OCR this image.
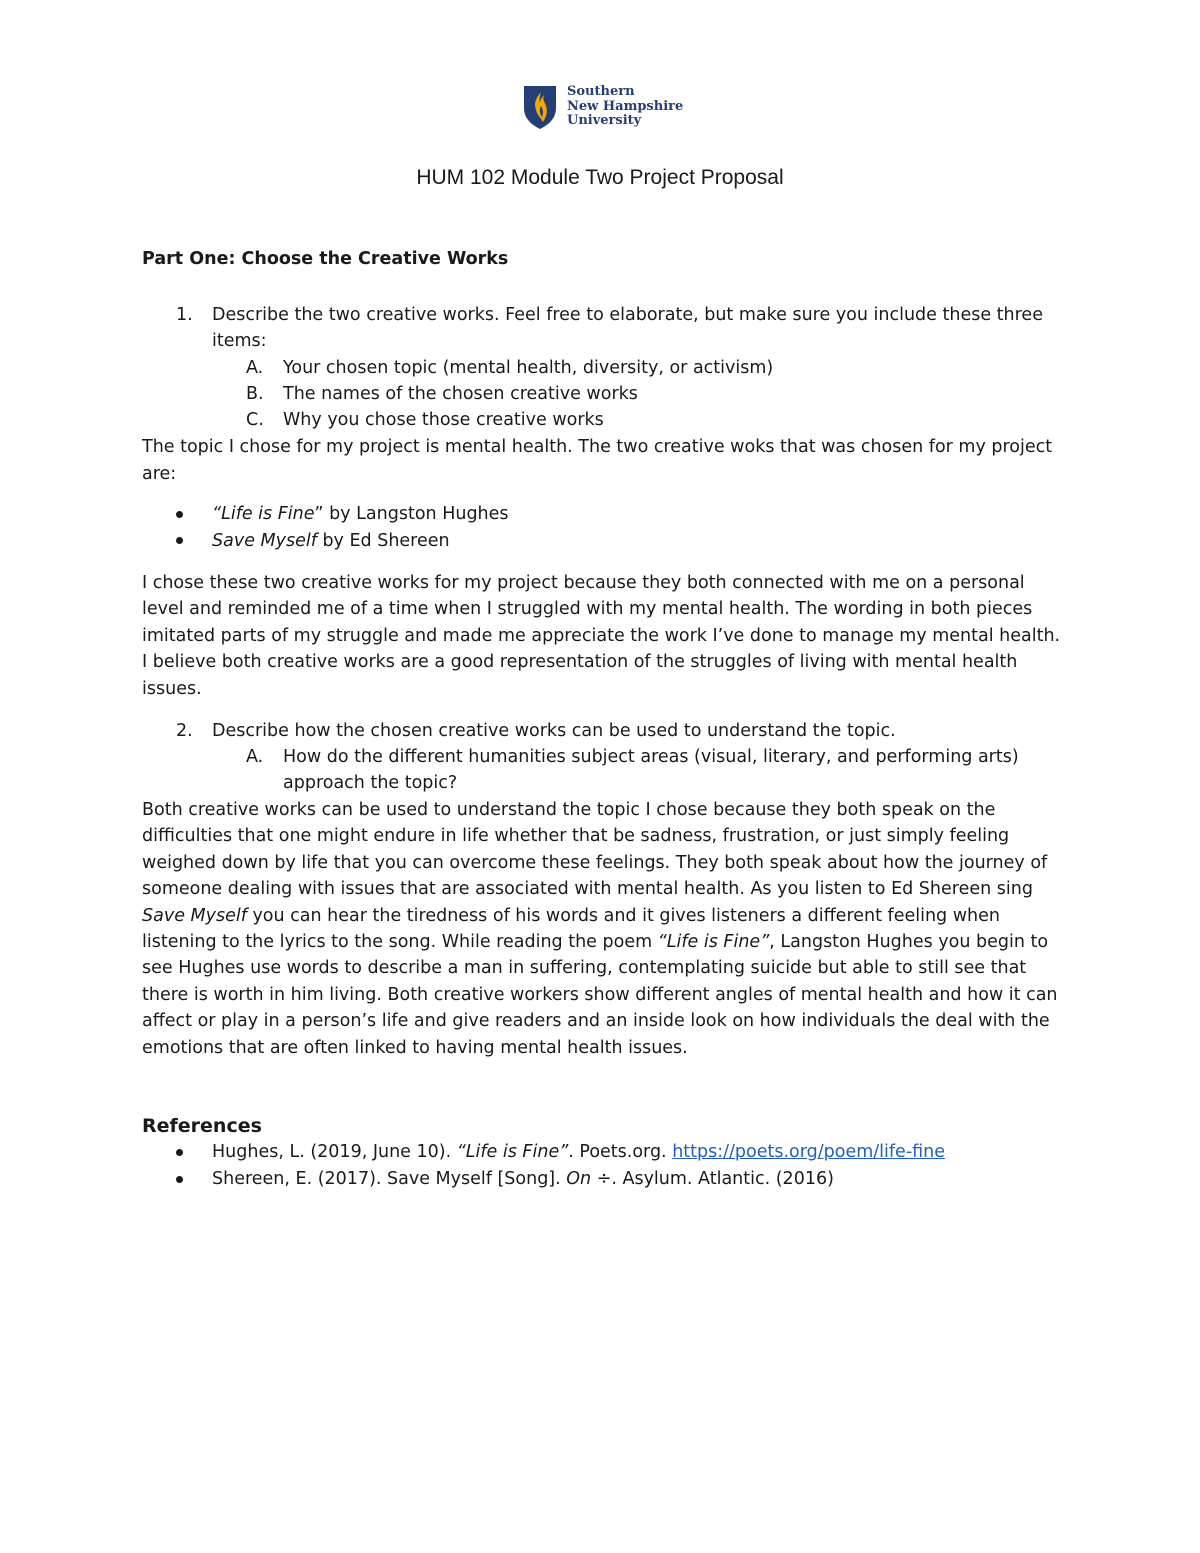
Southern
New Hampshire
University
HUM 102 Module Two Project Proposal
Part One: Choose the Creative Works
1. Describe the two creative works. Feel free to elaborate, but make sure you include these three
items:
A. Your chosen topic (mental health, diversity, or activism)
B. The names of the chosen creative works
C. Why you chose those creative works
The topic I chose for my project is mental health. The two creative woks that was chosen for my project
are:
“Life is Fine” by Langston Hughes
Save Myself by Ed Shereen
I chose these two creative works for my project because they both connected with me on a personal
level and reminded me of a time when I struggled with my mental health. The wording in both pieces
imitated parts of my struggle and made me appreciate the work I’ve done to manage my mental health.
I believe both creative works are a good representation of the struggles of living with mental health
issues.
2. Describe how the chosen creative works can be used to understand the topic.
A. How do the different humanities subject areas (visual, literary, and performing arts)
approach the topic?
Both creative works can be used to understand the topic I chose because they both speak on the
difficulties that one might endure in life whether that be sadness, frustration, or just simply feeling
weighed down by life that you can overcome these feelings. They both speak about how the journey of
someone dealing with issues that are associated with mental health. As you listen to Ed Shereen sing
Save Myself you can hear the tiredness of his words and it gives listeners a different feeling when
listening to the lyrics to the song. While reading the poem “Life is Fine”, Langston Hughes you begin to
see Hughes use words to describe a man in suffering, contemplating suicide but able to still see that
there is worth in him living. Both creative workers show different angles of mental health and how it can
affect or play in a person’s life and give readers and an inside look on how individuals the deal with the
emotions that are often linked to having mental health issues.
References
Hughes, L. (2019, June 10). “Life is Fine”. Poets.org. https://poets.org/poem/life-fine
Shereen, E. (2017). Save Myself [Song]. On ÷. Asylum. Atlantic. (2016)
